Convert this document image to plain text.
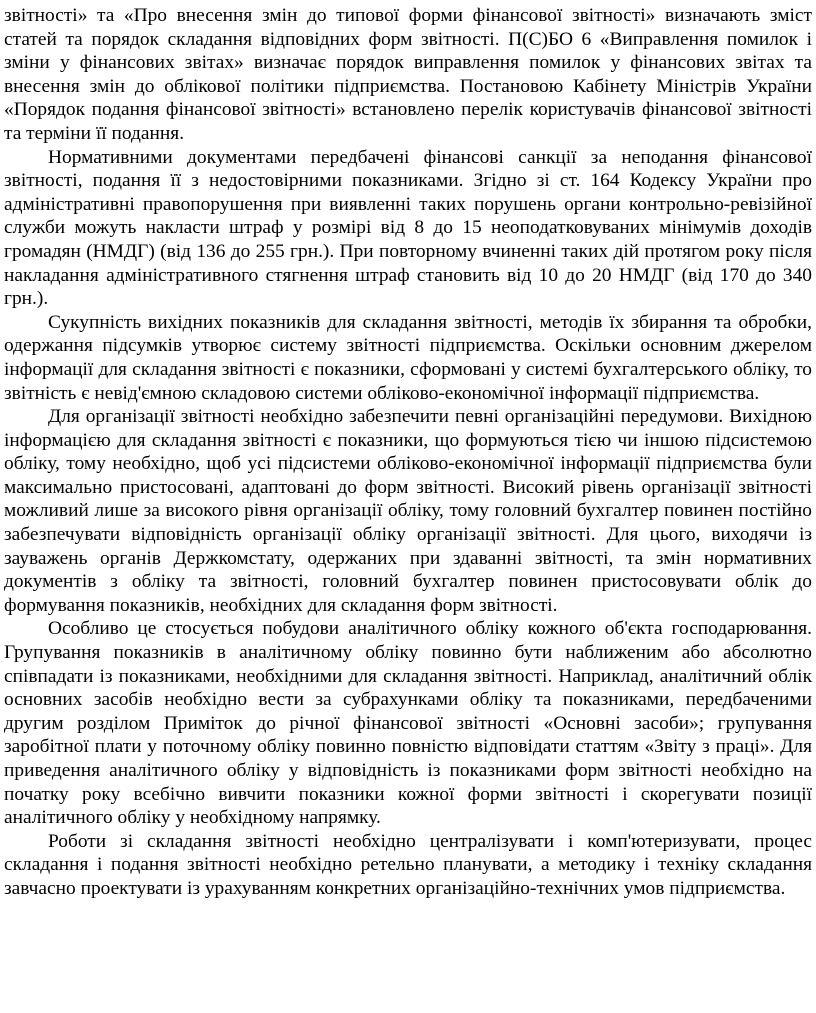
звітності» та «Про внесення змін до типової форми фінансової звітності» визначають зміст статей та порядок складання відповідних форм звітності. П(С)БО 6 «Виправлення помилок і зміни у фінансових звітах» визначає порядок виправлення помилок у фінансових звітах та внесення змін до облікової політики підприємства. Постановою Кабінету Міністрів України «Порядок подання фінансової звітності» встановлено перелік користувачів фінансової звітності та терміни її подання.

Нормативними документами передбачені фінансові санкції за неподання фінансової звітності, подання її з недостовірними показниками. Згідно зі ст. 164 Кодексу України про адміністративні правопорушення при виявленні таких порушень органи контрольно-ревізійної служби можуть накласти штраф у розмірі від 8 до 15 неоподатковуваних мінімумів доходів громадян (НМДГ) (від 136 до 255 грн.). При повторному вчиненні таких дій протягом року після накладання адміністративного стягнення штраф становить від 10 до 20 НМДГ (від 170 до 340 грн.).

Сукупність вихідних показників для складання звітності, методів їх збирання та обробки, одержання підсумків утворює систему звітності підприємства. Оскільки основним джерелом інформації для складання звітності є показники, сформовані у системі бухгалтерського обліку, то звітність є невід'ємною складовою системи обліково-економічної інформації підприємства.

Для організації звітності необхідно забезпечити певні організаційні передумови. Вихідною інформацією для складання звітності є показники, що формуються тією чи іншою підсистемою обліку, тому необхідно, щоб усі підсистеми обліково-економічної інформації підприємства були максимально пристосовані, адаптовані до форм звітності. Високий рівень організації звітності можливий лише за високого рівня організації обліку, тому головний бухгалтер повинен постійно забезпечувати відповідність організації обліку організації звітності. Для цього, виходячи із зауважень органів Держкомстату, одержаних при здаванні звітності, та змін нормативних документів з обліку та звітності, головний бухгалтер повинен пристосовувати облік до формування показників, необхідних для складання форм звітності.

Особливо це стосується побудови аналітичного обліку кожного об'єкта господарювання. Групування показників в аналітичному обліку повинно бути наближеним або абсолютно співпадати із показниками, необхідними для складання звітності. Наприклад, аналітичний облік основних засобів необхідно вести за субрахунками обліку та показниками, передбаченими другим розділом Приміток до річної фінансової звітності «Основні засоби»; групування заробітної плати у поточному обліку повинно повністю відповідати статтям «Звіту з праці». Для приведення аналітичного обліку у відповідність із показниками форм звітності необхідно на початку року всебічно вивчити показники кожної форми звітності і скорегувати позиції аналітичного обліку у необхідному напрямку.

Роботи зі складання звітності необхідно централізувати і комп'ютеризувати, процес складання і подання звітності необхідно ретельно планувати, а методику і техніку складання завчасно проектувати із урахуванням конкретних організаційно-технічних умов підприємства.
